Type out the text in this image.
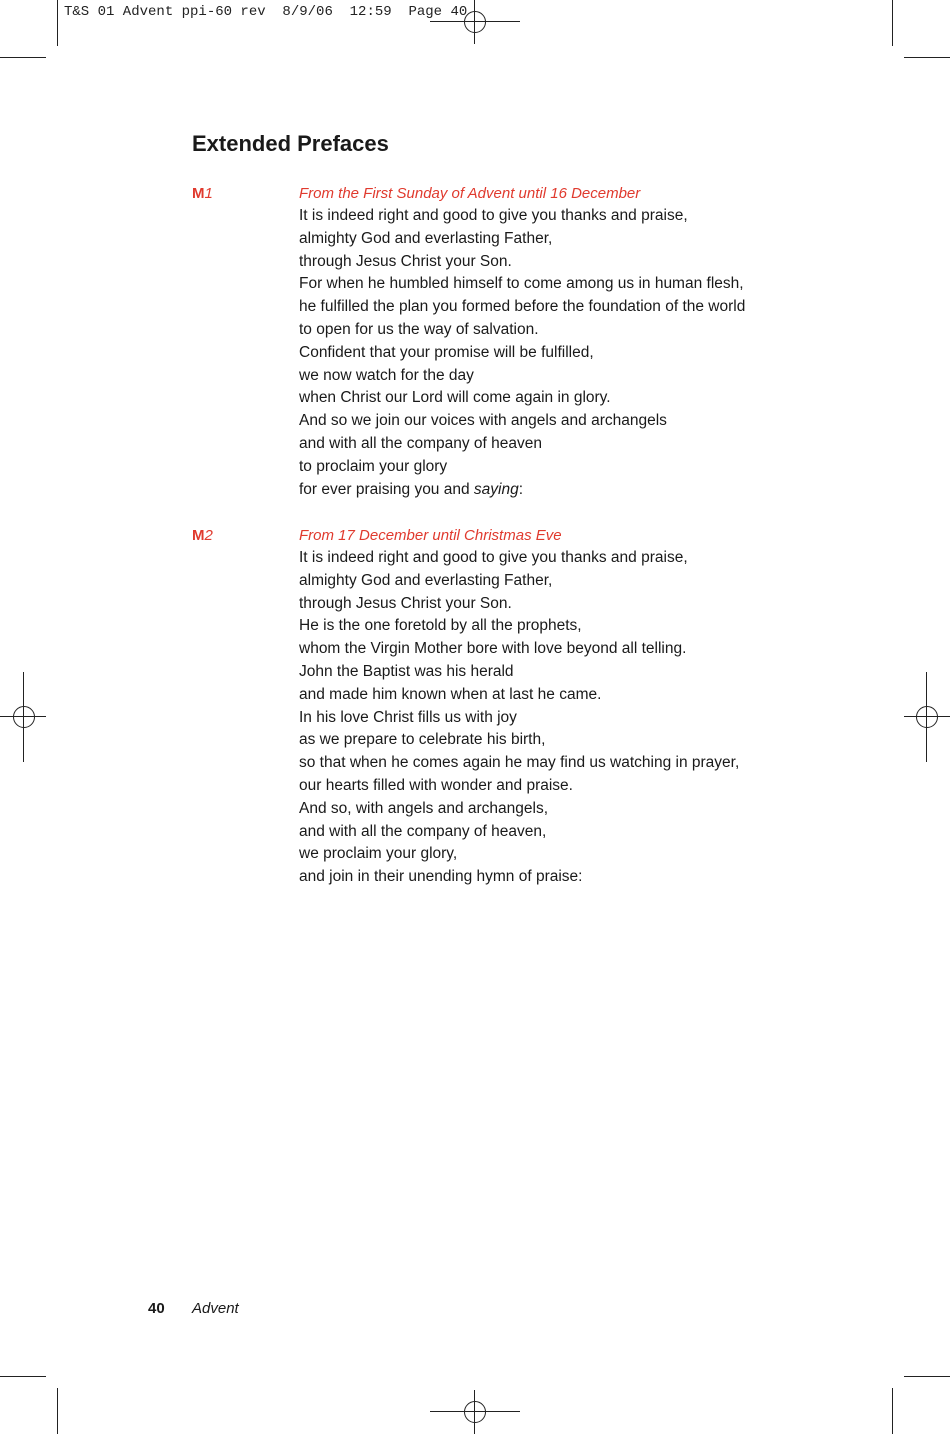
T&S 01 Advent ppi-60 rev  8/9/06  12:59  Page 40
Extended Prefaces
M1	From the First Sunday of Advent until 16 December
It is indeed right and good to give you thanks and praise,
almighty God and everlasting Father,
through Jesus Christ your Son.
For when he humbled himself to come among us in human flesh,
he fulfilled the plan you formed before the foundation of the world
to open for us the way of salvation.
Confident that your promise will be fulfilled,
we now watch for the day
when Christ our Lord will come again in glory.
And so we join our voices with angels and archangels
and with all the company of heaven
to proclaim your glory
for ever praising you and saying:
M2	From 17 December until Christmas Eve
It is indeed right and good to give you thanks and praise,
almighty God and everlasting Father,
through Jesus Christ your Son.
He is the one foretold by all the prophets,
whom the Virgin Mother bore with love beyond all telling.
John the Baptist was his herald
and made him known when at last he came.
In his love Christ fills us with joy
as we prepare to celebrate his birth,
so that when he comes again he may find us watching in prayer,
our hearts filled with wonder and praise.
And so, with angels and archangels,
and with all the company of heaven,
we proclaim your glory,
and join in their unending hymn of praise:
40 Advent
